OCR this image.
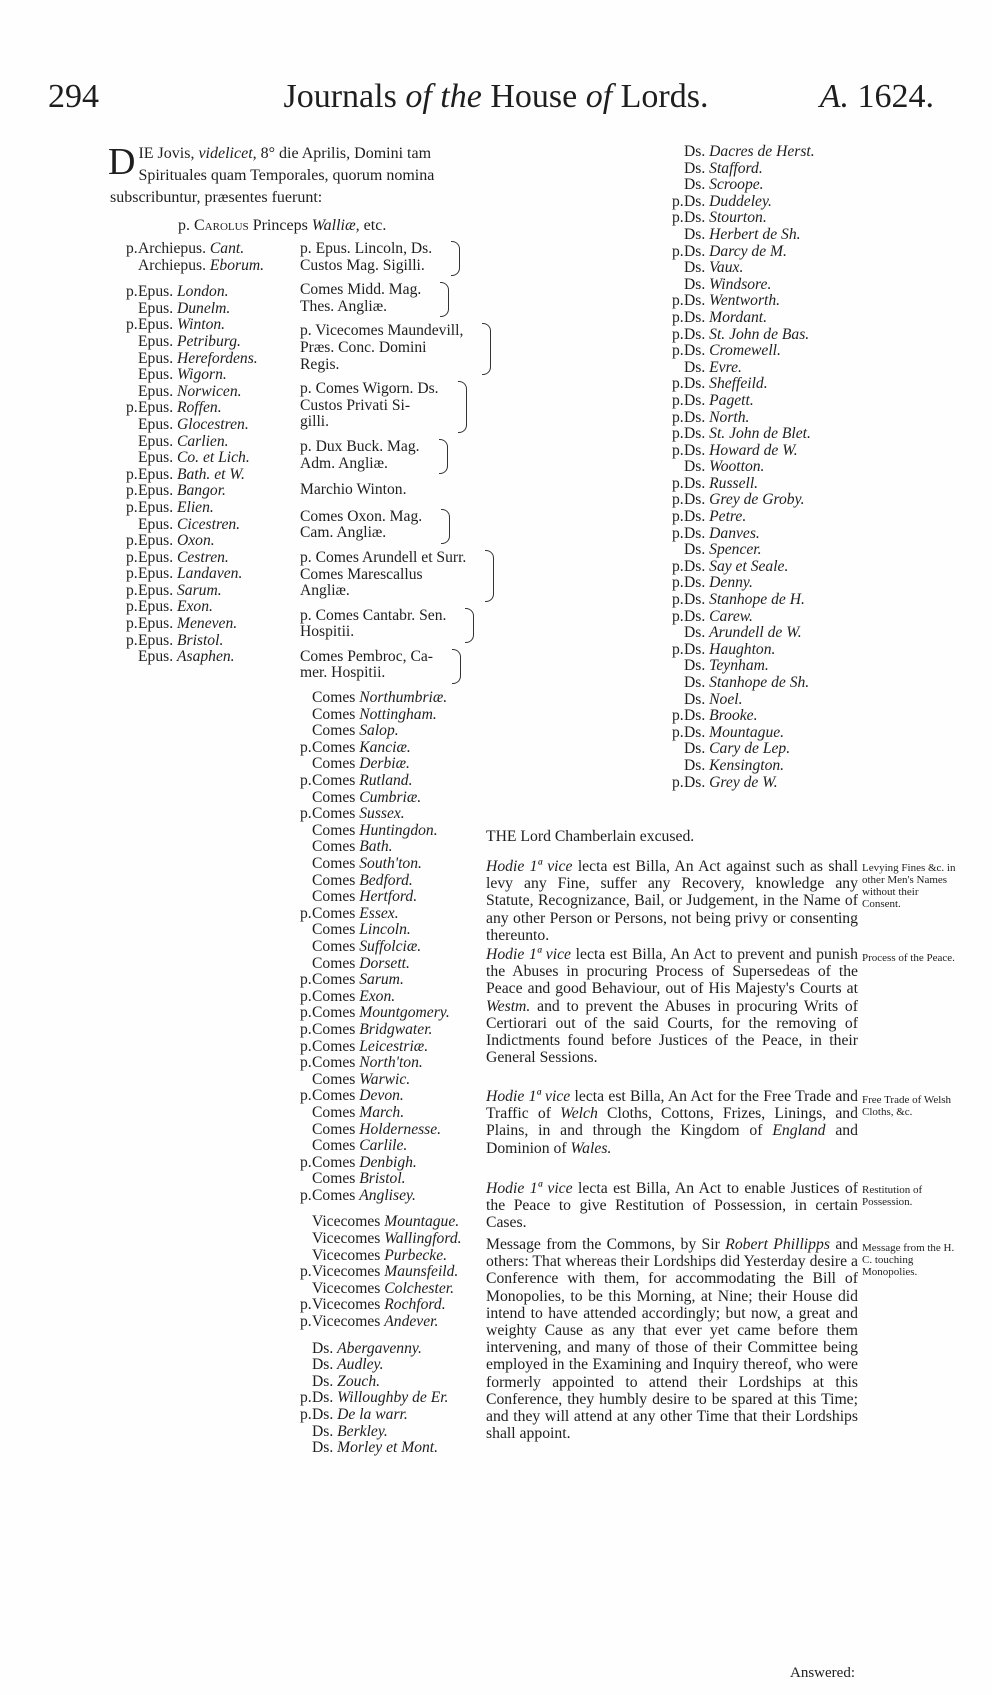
294	Journals of the House of Lords.	A. 1624.
D IE Jovis, videlicet, 8° die Aprilis, Domini tam Spirituales quam Temporales, quorum nomina subscribuntur, præsentes fuerunt:
p. Carolus Princeps Walliæ, etc.
p.Archiepus. Cant.
Archiepus. Eborum.
p.Epus. London.
Epus. Dunelm.
p.Epus. Winton.
Epus. Petriburg.
Epus. Herefordens.
Epus. Wigorn.
Epus. Norwicen.
p.Epus. Roffen.
Epus. Glocestren.
Epus. Carlien.
Epus. Co. et Lich.
p.Epus. Bath. et W.
p.Epus. Bangor.
p.Epus. Elien.
Epus. Cicestren.
p.Epus. Oxon.
p.Epus. Cestren.
p.Epus. Landaven.
p.Epus. Sarum.
p.Epus. Exon.
p.Epus. Meneven.
p.Epus. Bristol.
Epus. Asaphen.
p. Epus. Lincoln, Ds.
Custos Mag. Sigilli.
Comes Midd. Mag.
Thes. Angliæ.
p. Vicecomes Maundevill,
Præs. Conc. Domini
Regis.
p. Comes Wigorn. Ds.
Custos Privati Si-
gilli.
p. Dux Buck. Mag.
Adm. Angliæ.
Marchio Winton.
Comes Oxon. Mag.
Cam. Angliæ.
p. Comes Arundell et Surr.
Comes Marescallus
Angliæ.
p. Comes Cantabr. Sen.
Hospitii.
Comes Pembroc, Ca-
mer. Hospitii.
Comes Northumbriæ.
Comes Nottingham.
Comes Salop.
p.Comes Kanciæ.
Comes Derbiæ.
p.Comes Rutland.
Comes Cumbriæ.
p.Comes Sussex.
Comes Huntingdon.
Comes Bath.
Comes South'ton.
Comes Bedford.
Comes Hertford.
p.Comes Essex.
Comes Lincoln.
Comes Suffolciæ.
Comes Dorsett.
p.Comes Sarum.
p.Comes Exon.
p.Comes Mountgomery.
p.Comes Bridgwater.
p.Comes Leicestriæ.
p.Comes North'ton.
Comes Warwic.
p.Comes Devon.
Comes March.
Comes Holdernesse.
Comes Carlile.
p.Comes Denbigh.
Comes Bristol.
p.Comes Anglisey.
Vicecomes Mountague.
Vicecomes Wallingford.
Vicecomes Purbecke.
p.Vicecomes Maunsfeild.
Vicecomes Colchester.
p.Vicecomes Rochford.
p.Vicecomes Andever.
Ds. Abergavenny.
Ds. Audley.
Ds. Zouch.
p.Ds. Willoughby de Er.
p.Ds. De la warr.
Ds. Berkley.
Ds. Morley et Mont.
Ds. Dacres de Herst.
Ds. Stafford.
Ds. Scroope.
p.Ds. Duddeley.
p.Ds. Stourton.
Ds. Herbert de Sh.
p.Ds. Darcy de M.
Ds. Vaux.
Ds. Windsore.
p.Ds. Wentworth.
p.Ds. Mordant.
p.Ds. St. John de Bas.
p.Ds. Cromewell.
Ds. Evre.
p.Ds. Sheffeild.
p.Ds. Pagett.
p.Ds. North.
p.Ds. St. John de Blet.
p.Ds. Howard de W.
Ds. Wootton.
p.Ds. Russell.
p.Ds. Grey de Groby.
p.Ds. Petre.
p.Ds. Danves.
Ds. Spencer.
p.Ds. Say et Seale.
p.Ds. Denny.
p.Ds. Stanhope de H.
p.Ds. Carew.
Ds. Arundell de W.
p.Ds. Haughton.
Ds. Teynham.
Ds. Stanhope de Sh.
Ds. Noel.
p.Ds. Brooke.
p.Ds. Mountague.
Ds. Cary de Lep.
Ds. Kensington.
p.Ds. Grey de W.
THE Lord Chamberlain excused.
Hodie 1ª vice lecta est Billa, An Act against such as shall levy any Fine, suffer any Recovery, knowledge any Statute, Recognizance, Bail, or Judgement, in the Name of any other Person or Persons, not being privy or consenting thereunto.
Levying Fines &c. in other Men's Names without their Consent.
Hodie 1ª vice lecta est Billa, An Act to prevent and punish the Abuses in procuring Process of Supersedeas of the Peace and good Behaviour, out of His Majesty's Courts at Westm. and to prevent the Abuses in procuring Writs of Certiorari out of the said Courts, for the removing of Indictments found before Justices of the Peace, in their General Sessions.
Process of the Peace.
Hodie 1ª vice lecta est Billa, An Act for the Free Trade and Traffic of Welch Cloths, Cottons, Frizes, Linings, and Plains, in and through the Kingdom of England and Dominion of Wales.
Free Trade of Welsh Cloths, &c.
Hodie 1ª vice lecta est Billa, An Act to enable Justices of the Peace to give Restitution of Possession, in certain Cases.
Restitution of Possession.
Message from the Commons, by Sir Robert Phillipps and others: That whereas their Lordships did Yesterday desire a Conference with them, for accommodating the Bill of Monopolies, to be this Morning, at Nine; their House did intend to have attended accordingly; but now, a great and weighty Cause as any that ever yet came before them intervening, and many of those of their Committee being employed in the Examining and Inquiry thereof, who were formerly appointed to attend their Lordships at this Conference, they humbly desire to be spared at this Time; and they will attend at any other Time that their Lordships shall appoint.
Message from the H. C. touching Monopolies.
Answered:
